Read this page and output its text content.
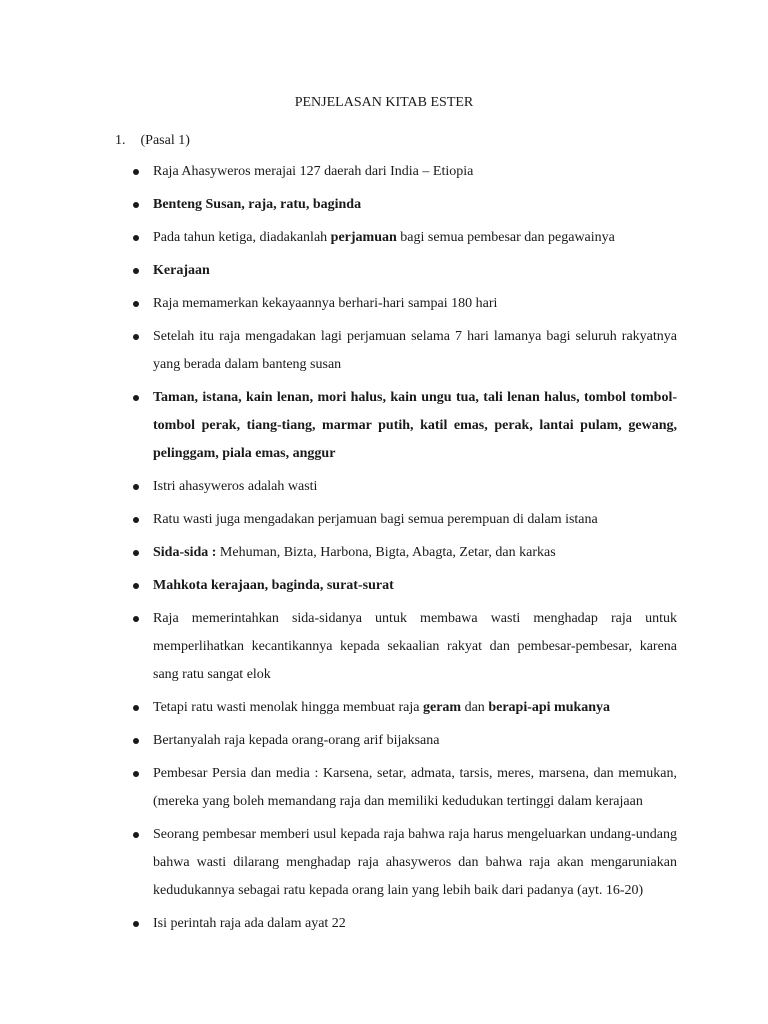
PENJELASAN KITAB ESTER
1. (Pasal 1)
Raja Ahasyweros merajai 127 daerah dari India – Etiopia
Benteng Susan, raja, ratu, baginda
Pada tahun ketiga, diadakanlah perjamuan bagi semua pembesar dan pegawainya
Kerajaan
Raja memamerkan kekayaannya berhari-hari sampai 180 hari
Setelah itu raja mengadakan lagi perjamuan selama 7 hari lamanya bagi seluruh rakyatnya yang berada dalam banteng susan
Taman, istana, kain lenan, mori halus, kain ungu tua, tali lenan halus, tombol tombol-tombol perak, tiang-tiang, marmar putih, katil emas, perak, lantai pulam, gewang, pelinggam, piala emas, anggur
Istri ahasyweros adalah wasti
Ratu wasti juga mengadakan perjamuan bagi semua perempuan di dalam istana
Sida-sida : Mehuman, Bizta, Harbona, Bigta, Abagta, Zetar, dan karkas
Mahkota kerajaan, baginda, surat-surat
Raja memerintahkan sida-sidanya untuk membawa wasti menghadap raja untuk memperlihatkan kecantikannya kepada sekaalian rakyat dan pembesar-pembesar, karena sang ratu sangat elok
Tetapi ratu wasti menolak hingga membuat raja geram dan berapi-api mukanya
Bertanyalah raja kepada orang-orang arif bijaksana
Pembesar Persia dan media : Karsena, setar, admata, tarsis, meres, marsena, dan memukan, (mereka yang boleh memandang raja dan memiliki kedudukan tertinggi dalam kerajaan
Seorang pembesar memberi usul kepada raja bahwa raja harus mengeluarkan undang-undang bahwa wasti dilarang menghadap raja ahasyweros dan bahwa raja akan mengaruniakan kedudukannya sebagai ratu kepada orang lain yang lebih baik dari padanya (ayt. 16-20)
Isi perintah raja ada dalam ayat 22
